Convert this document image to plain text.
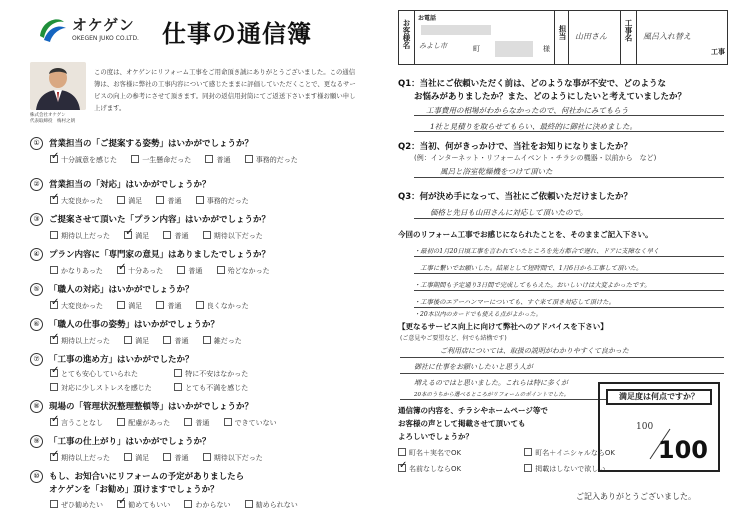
オケゲン
OKEGEN JUKO CO.LTD. 仕事の通信簿
株式会社オケゲン
代表取締役　梅村之朗
この度は、オケゲンにリフォーム工事をご用命頂き誠にありがとうございました。この通信簿は、お客様に弊社の工事内容について感じたままに評価していただくことで、更なるサービスの向上の参考にさせて頂きます。同封の返信用封筒にてご返送下さいます様お願い申し上げます。
① 営業担当の「ご提案する姿勢」はいかがでしょうか？
✓十分誠意を感じた	一生懸命だった	普通	事務的だった
② 営業担当の「対応」はいかがでしょうか？
✓大変良かった	満足	普通	事務的だった
③ ご提案させて頂いた「プラン内容」はいかがでしょうか？
期待以上だった ✓	満足	普通	期待以下だった
④ プラン内容に「専門家の意見」はありましたでしょうか？
かなりあった ✓	十分あった	普通	殆どなかった
⑤ 「職人の対応」はいかがでしょうか？
✓大変良かった	満足	普通	良くなかった
⑥ 「職人の仕事の姿勢」はいかがでしょうか？
✓期待以上だった	満足	普通	雑だった
⑦ 「工事の進め方」はいかがでしたか？
✓とても安心していられた	特に不安はなかった
対応に少しストレスを感じた	とても不満を感じた
⑧ 現場の「管理状況整理整頓等」はいかがでしょうか？
✓言うことなし	配慮があった	普通	できていない
⑨ 「工事の仕上がり」はいかがでしょうか？
✓期待以上だった	満足	普通	期待以下だった
⑩ もし、お知合いにリフォームの予定がありましたら
オケゲンを「お勧め」頂けますでしょうか？
ぜひ勧めたい ✓	勧めてもいい	わからない	勧められない
お客様名
お電話
みよし市	町	様
担当 山田さん	工事名 風呂入れ替え
工事
Q1：当社にご依頼いただく前は、どのような事が不安で、どのような
お悩みがありましたか？また、どのようにしたいと考えていましたか？
工事費用の相場がわからなかったので、何社かにみてもらう
1社と見積りを取らせてもらい、最終的に御社に決めました。
Q2：当初、何がきっかけで、当社をお知りになりましたか？
(例：インターネット・リフォームイベント・チラシの機器・以前から　など)
風呂と浴室乾燥機をつけて頂いた
Q3：何が決め手になって、当社にご依頼いただけましたか？
価格と先日も山田さんに対応して頂いたので。
今回のリフォーム工事でお感じになられたことを、そのままご記入下さい。
・最初の1月20日頃工事を言われていたところを先方都合で遅れ、ドアに支障なく早く
　工事に繋いでお願いした。結果として短時間で、1月6日から工事して頂いた。
・工事期間も予定通り3日間で完成してもらえた。おいしいけは大変よかったです。
・工事後のエアーハンマーについても、すぐ来て頂き対応して頂けた。
・20本以内のカードでも使える点がよかった。
【更なるサービス向上に向けて弊社へのアドバイスを下さい】
(ご意見やご要望など、何でも結構です)
ご利用店については、取扱の説明がわかりやすくて良かった
御社に仕事をお願いしたいと思う人が
増えるのではと思いました。これらは特に多くが
20本のうちから選べるところがリフォームのポイントでした。
通信簿の内容を、チラシやホームページ等で
お客様の声として掲載させて頂いても
よろしいでしょうか？
町名＋実名でOK	町名＋イニシャルならOK
✓名前なしならOK	掲載はしないで欲しい
満足度は何点ですか？
100
100
ご記入ありがとうございました。
